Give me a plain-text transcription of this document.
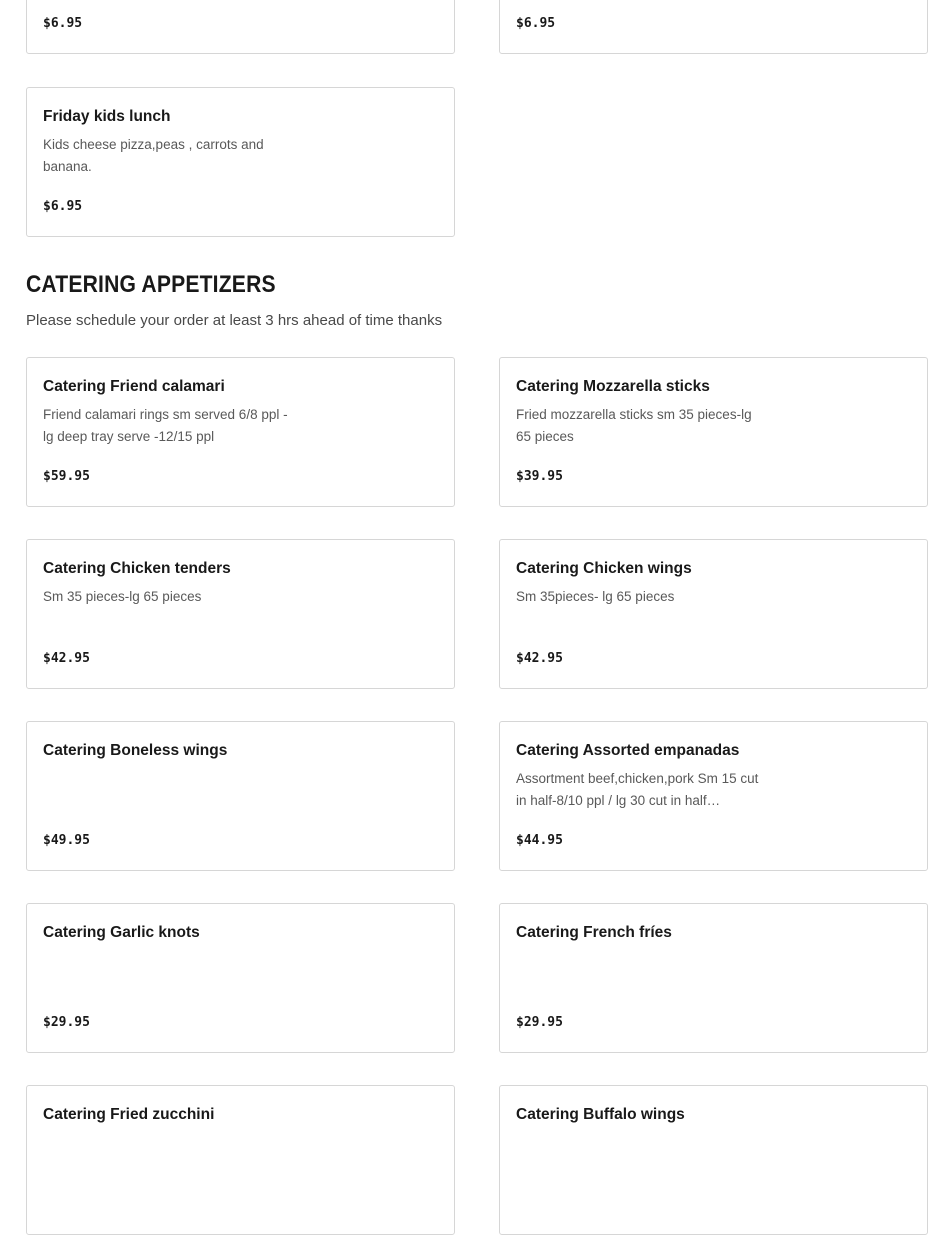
$6.95	$6.95
Friday kids lunch
Kids cheese pizza,peas , carrots and banana.
$6.95
CATERING APPETIZERS
Please schedule your order at least 3 hrs ahead of time thanks
Catering Friend calamari
Friend calamari rings sm served 6/8 ppl - lg deep tray serve -12/15 ppl
$59.95
Catering Mozzarella sticks
Fried mozzarella sticks sm 35 pieces-lg 65 pieces
$39.95
Catering Chicken tenders
Sm 35 pieces-lg 65 pieces
$42.95
Catering Chicken wings
Sm 35pieces- lg 65 pieces
$42.95
Catering Boneless wings
$49.95
Catering Assorted empanadas
Assortment beef,chicken,pork Sm 15 cut in half-8/10 ppl / lg 30 cut in half…
$44.95
Catering Garlic knots
$29.95
Catering French fríes
$29.95
Catering Fried zucchini	Catering Buffalo wings
